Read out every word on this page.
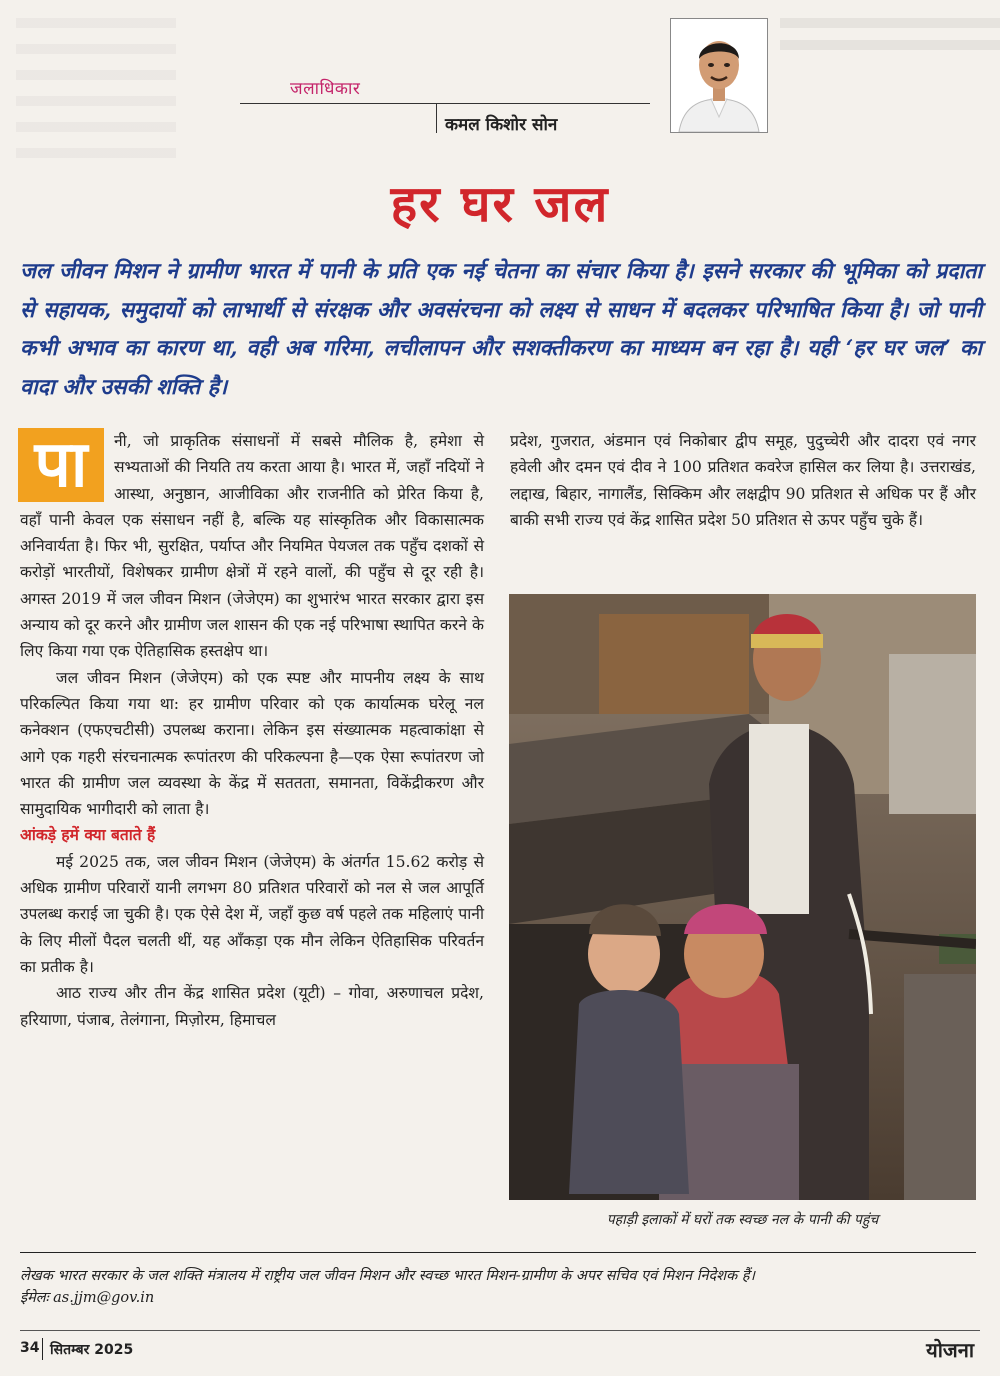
जलाधिकार
कमल किशोर सोन
हर घर जल
जल जीवन मिशन ने ग्रामीण भारत में पानी के प्रति एक नई चेतना का संचार किया है। इसने सरकार की भूमिका को प्रदाता से सहायक, समुदायों को लाभार्थी से संरक्षक और अवसंरचना को लक्ष्य से साधन में बदलकर परिभाषित किया है। जो पानी कभी अभाव का कारण था, वही अब गरिमा, लचीलापन और सशक्तीकरण का माध्यम बन रहा है। यही ‘हर घर जल’ का वादा और उसकी शक्ति है।
पा	नी, जो प्राकृतिक संसाधनों में सबसे मौलिक है, हमेशा से सभ्यताओं की नियति तय करता आया है। भारत में, जहाँ नदियों ने आस्था, अनुष्ठान, आजीविका और राजनीति को प्रेरित किया है, वहाँ पानी केवल एक संसाधन नहीं है, बल्कि यह सांस्कृतिक और विकासात्मक अनिवार्यता है। फिर भी, सुरक्षित, पर्याप्त और नियमित पेयजल तक पहुँच दशकों से करोड़ों भारतीयों, विशेषकर ग्रामीण क्षेत्रों में रहने वालों, की पहुँच से दूर रही है। अगस्त 2019 में जल जीवन मिशन (जेजेएम) का शुभारंभ भारत सरकार द्वारा इस अन्याय को दूर करने और ग्रामीण जल शासन की एक नई परिभाषा स्थापित करने के लिए किया गया एक ऐतिहासिक हस्तक्षेप था।

जल जीवन मिशन (जेजेएम) को एक स्पष्ट और मापनीय लक्ष्य के साथ परिकल्पित किया गया था: हर ग्रामीण परिवार को एक कार्यात्मक घरेलू नल कनेक्शन (एफएचटीसी) उपलब्ध कराना। लेकिन इस संख्यात्मक महत्वाकांक्षा से आगे एक गहरी संरचनात्मक रूपांतरण की परिकल्पना है—एक ऐसा रूपांतरण जो भारत की ग्रामीण जल व्यवस्था के केंद्र में सततता, समानता, विकेंद्रीकरण और सामुदायिक भागीदारी को लाता है।

आंकड़े हमें क्या बताते हैं

मई 2025 तक, जल जीवन मिशन (जेजेएम) के अंतर्गत 15.62 करोड़ से अधिक ग्रामीण परिवारों यानी लगभग 80 प्रतिशत परिवारों को नल से जल आपूर्ति उपलब्ध कराई जा चुकी है। एक ऐसे देश में, जहाँ कुछ वर्ष पहले तक महिलाएं पानी के लिए मीलों पैदल चलती थीं, यह आँकड़ा एक मौन लेकिन ऐतिहासिक परिवर्तन का प्रतीक है।

आठ राज्य और तीन केंद्र शासित प्रदेश (यूटी) – गोवा, अरुणाचल प्रदेश, हरियाणा, पंजाब, तेलंगाना, मिज़ोरम, हिमाचल

प्रदेश, गुजरात, अंडमान एवं निकोबार द्वीप समूह, पुदुच्चेरी और दादरा एवं नगर हवेली और दमन एवं दीव ने 100 प्रतिशत कवरेज हासिल कर लिया है। उत्तराखंड, लद्दाख, बिहार, नागालैंड, सिक्किम और लक्षद्वीप 90 प्रतिशत से अधिक पर हैं और बाकी सभी राज्य एवं केंद्र शासित प्रदेश 50 प्रतिशत से ऊपर पहुँच चुके हैं।

पहाड़ी इलाकों में घरों तक स्वच्छ नल के पानी की पहुंच
लेखक भारत सरकार के जल शक्ति मंत्रालय में राष्ट्रीय जल जीवन मिशन और स्वच्छ भारत मिशन-ग्रामीण के अपर सचिव एवं मिशन निदेशक हैं।
ईमेलः as.jjm@gov.in
34 सितम्बर 2025	योजना
